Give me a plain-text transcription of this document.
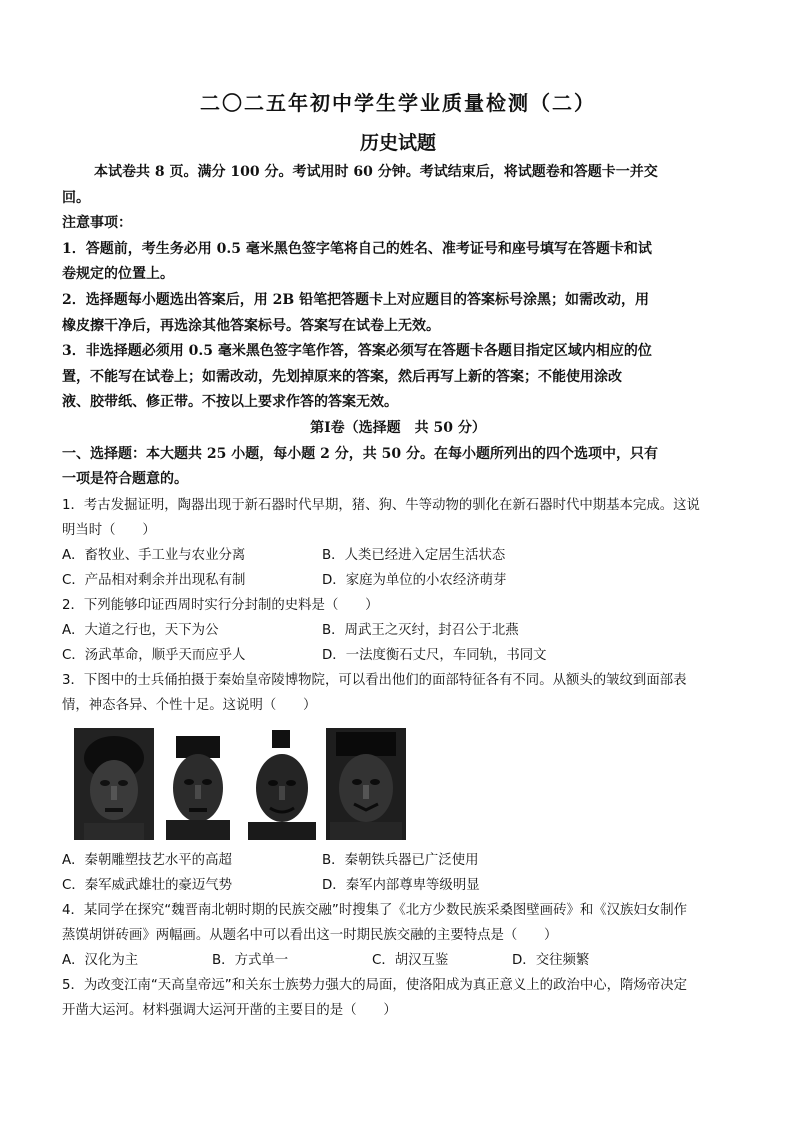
二〇二五年初中学生学业质量检测（二）
历史试题

本试卷共 8 页。满分 100 分。考试用时 60 分钟。考试结束后，将试题卷和答题卡一并交

回。

注意事项：

1．答题前，考生务必用 0.5 毫米黑色签字笔将自己的姓名、准考证号和座号填写在答题卡和试

卷规定的位置上。

2．选择题每小题选出答案后，用 2B 铅笔把答题卡上对应题目的答案标号涂黑；如需改动，用

橡皮擦干净后，再选涂其他答案标号。答案写在试卷上无效。

3．非选择题必须用 0.5 毫米黑色签字笔作答，答案必须写在答题卡各题目指定区域内相应的位

置，不能写在试卷上；如需改动，先划掉原来的答案，然后再写上新的答案；不能使用涂改

液、胶带纸、修正带。不按以上要求作答的答案无效。

第Ⅰ卷（选择题　共 50 分）

一、选择题：本大题共 25 小题，每小题 2 分，共 50 分。在每小题所列出的四个选项中，只有

一项是符合题意的。

1．考古发掘证明，陶器出现于新石器时代早期，猪、狗、牛等动物的驯化在新石器时代中期基本完成。这说

明当时（　　）

A．畜牧业、手工业与农业分离	B．人类已经进入定居生活状态
C．产品相对剩余并出现私有制	D．家庭为单位的小农经济萌芽

2．下列能够印证西周时实行分封制的史料是（　　）

A．大道之行也，天下为公	B．周武王之灭纣，封召公于北燕
C．汤武革命，顺乎天而应乎人	D．一法度衡石丈尺，车同轨，书同文

3．下图中的士兵俑拍摄于秦始皇帝陵博物院，可以看出他们的面部特征各有不同。从额头的皱纹到面部表

情，神态各异、个性十足。这说明（　　）

A．秦朝雕塑技艺水平的高超	B．秦朝铁兵器已广泛使用
C．秦军威武雄壮的豪迈气势	D．秦军内部尊卑等级明显

4．某同学在探究“魏晋南北朝时期的民族交融”时搜集了《北方少数民族采桑图壁画砖》和《汉族妇女制作

蒸馍胡饼砖画》两幅画。从题名中可以看出这一时期民族交融的主要特点是（　　）

A．汉化为主	B．方式单一	C．胡汉互鉴	D．交往频繁

5．为改变江南“天高皇帝远”和关东士族势力强大的局面，使洛阳成为真正意义上的政治中心，隋炀帝决定

开凿大运河。材料强调大运河开凿的主要目的是（　　）
